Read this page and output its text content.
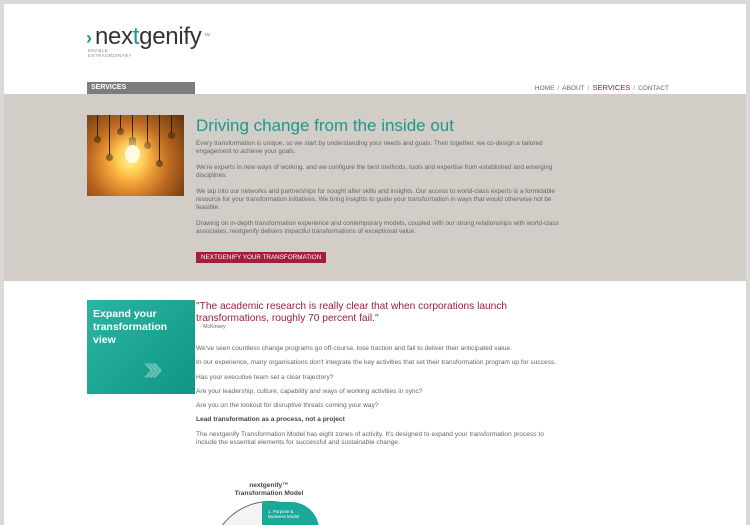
› nextgenify ™
ENABLE
EXTRAORDINARY
SERVICES	HOME / ABOUT / SERVICES / CONTACT
Driving change from the inside out

Every transformation is unique, so we start by understanding your needs and goals. Then together, we co-design a tailored engagement to achieve your goals.

We're experts in new ways of working, and we configure the best methods, tools and expertise from established and emerging disciplines.

We tap into our networks and partnerships for sought after skills and insights. Our access to world-class experts is a formidable resource for your transformation initiatives. We bring insights to guide your transformation in ways that would otherwise not be feasible.

Drawing on in-depth transformation experience and contemporary models, coupled with our strong relationships with world-class associates, nextgenify delivers impactful transformations of exceptional value.

NEXTGENIFY YOUR TRANSFORMATION
Expand your transformation view
›››
"The academic research is really clear that when corporations launch transformations, roughly 70 percent fail."
- McKinsey

We've seen countless change programs go off-course, lose traction and fail to deliver their anticipated value.

In our experience, many organisations don't integrate the key activities that set their transformation program up for success.

Has your executive team set a clear trajectory?

Are your leadership, culture, capability and ways of working activities in sync?

Are you on the lookout for disruptive threats coming your way?

Lead transformation as a process, not a project

The nextgenify Transformation Model has eight zones of activity. It's designed to expand your transformation process to include the essential elements for successful and sustainable change.

nextgenify™
Transformation Model
1. Purpose &
Business Model
